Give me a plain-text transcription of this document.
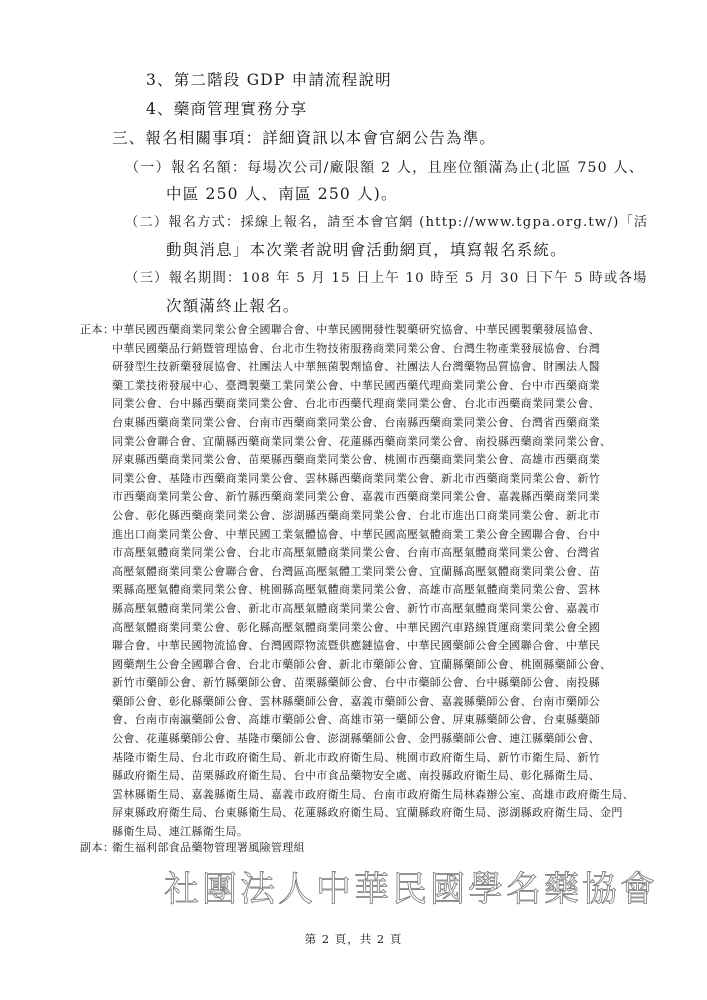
3、第二階段 GDP 申請流程說明
4、藥商管理實務分享
三、報名相關事項：詳細資訊以本會官網公告為準。
（一）報名名額：每場次公司/廠限額 2 人，且座位額滿為止(北區 750 人、
中區 250 人、南區 250 人)。
（二）報名方式：採線上報名，請至本會官網 (http://www.tgpa.org.tw/)「活
動與消息」本次業者說明會活動網頁，填寫報名系統。
（三）報名期間：108 年 5 月 15 日上午 10 時至 5 月 30 日下午 5 時或各場
次額滿終止報名。
正本：
中華民國西藥商業同業公會全國聯合會、中華民國開發性製藥研究協會、中華民國製藥發展協會、
中華民國藥品行銷暨管理協會、台北市生物技術服務商業同業公會、台灣生物產業發展協會、台灣
研發型生技新藥發展協會、社團法人中華無菌製劑協會、社團法人台灣藥物品質協會、財團法人醫
藥工業技術發展中心、臺灣製藥工業同業公會、中華民國西藥代理商業同業公會、台中市西藥商業
同業公會、台中縣西藥商業同業公會、台北市西藥代理商業同業公會、台北市西藥商業同業公會、
台東縣西藥商業同業公會、台南市西藥商業同業公會、台南縣西藥商業同業公會、台灣省西藥商業
同業公會聯合會、宜蘭縣西藥商業同業公會、花蓮縣西藥商業同業公會、南投縣西藥商業同業公會、
屏東縣西藥商業同業公會、苗栗縣西藥商業同業公會、桃園市西藥商業同業公會、高雄市西藥商業
同業公會、基隆市西藥商業同業公會、雲林縣西藥商業同業公會、新北市西藥商業同業公會、新竹
市西藥商業同業公會、新竹縣西藥商業同業公會、嘉義市西藥商業同業公會、嘉義縣西藥商業同業
公會、彰化縣西藥商業同業公會、澎湖縣西藥商業同業公會、台北市進出口商業同業公會、新北市
進出口商業同業公會、中華民國工業氣體協會、中華民國高壓氣體商業工業公會全國聯合會、台中
市高壓氣體商業同業公會、台北市高壓氣體商業同業公會、台南市高壓氣體商業同業公會、台灣省
高壓氣體商業同業公會聯合會、台灣區高壓氣體工業同業公會、宜蘭縣高壓氣體商業同業公會、苗
栗縣高壓氣體商業同業公會、桃園縣高壓氣體商業同業公會、高雄市高壓氣體商業同業公會、雲林
縣高壓氣體商業同業公會、新北市高壓氣體商業同業公會、新竹市高壓氣體商業同業公會、嘉義市
高壓氣體商業同業公會、彰化縣高壓氣體商業同業公會、中華民國汽車路線貨運商業同業公會全國
聯合會、中華民國物流協會、台灣國際物流暨供應鏈協會、中華民國藥師公會全國聯合會、中華民
國藥劑生公會全國聯合會、台北市藥師公會、新北市藥師公會、宜蘭縣藥師公會、桃園縣藥師公會、
新竹市藥師公會、新竹縣藥師公會、苗栗縣藥師公會、台中市藥師公會、台中縣藥師公會、南投縣
藥師公會、彰化縣藥師公會、雲林縣藥師公會、嘉義市藥師公會、嘉義縣藥師公會、台南市藥師公
會、台南市南瀛藥師公會、高雄市藥師公會、高雄市第一藥師公會、屏東縣藥師公會、台東縣藥師
公會、花蓮縣藥師公會、基隆市藥師公會、澎湖縣藥師公會、金門縣藥師公會、連江縣藥師公會、
基隆市衛生局、台北市政府衛生局、新北市政府衛生局、桃園市政府衛生局、新竹市衛生局、新竹
縣政府衛生局、苗栗縣政府衛生局、台中市食品藥物安全處、南投縣政府衛生局、彰化縣衛生局、
雲林縣衛生局、嘉義縣衛生局、嘉義市政府衛生局、台南市政府衛生局林森辦公室、高雄市政府衛生局、
屏東縣政府衛生局、台東縣衛生局、花蓮縣政府衛生局、宜蘭縣政府衛生局、澎湖縣政府衛生局、金門
縣衛生局、連江縣衛生局。
副本：
衛生福利部食品藥物管理署風險管理組
社團法人中華民國學名藥協會
第 2 頁，共 2 頁
